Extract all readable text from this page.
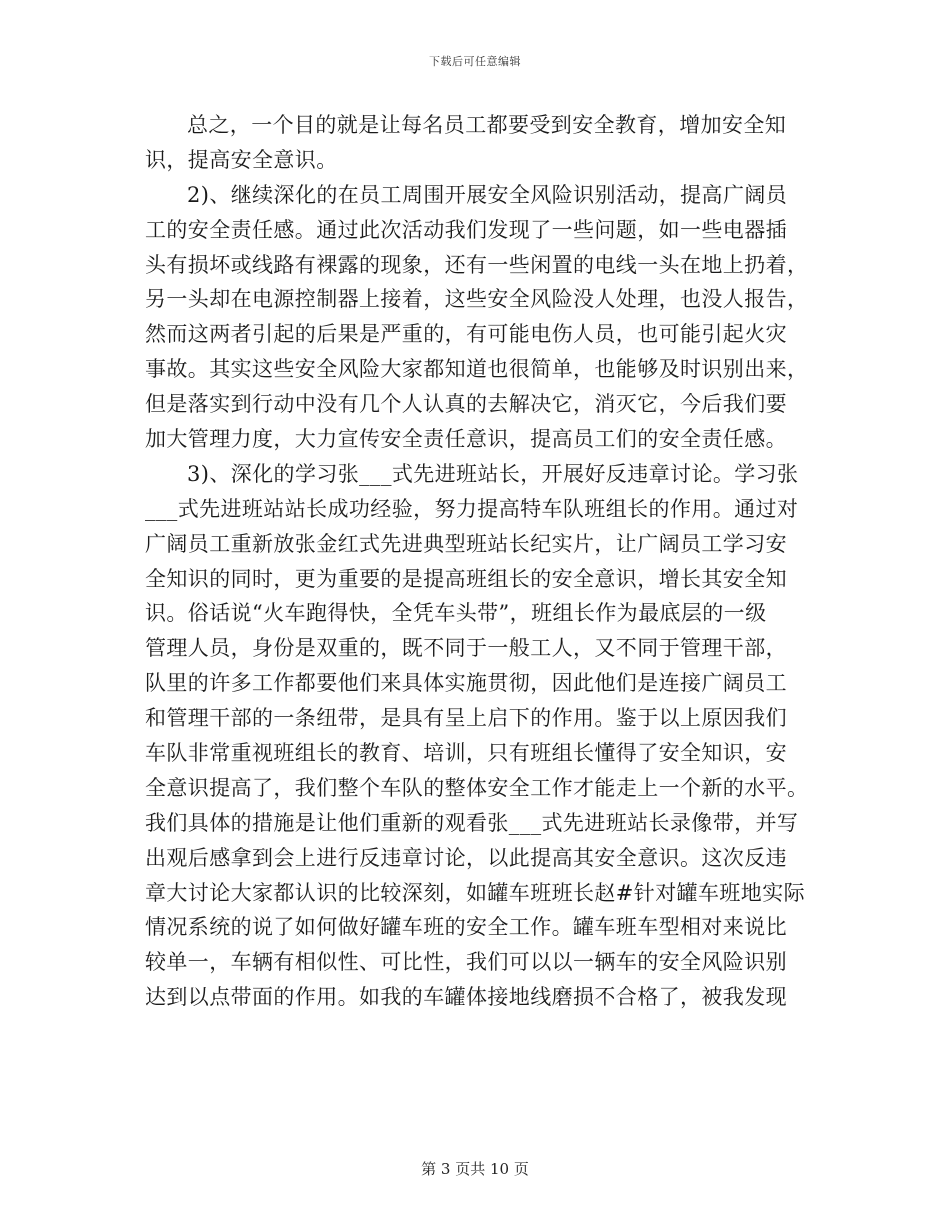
下载后可任意编辑
总之，一个目的就是让每名员工都要受到安全教育，增加安全知
识，提高安全意识。
2)、继续深化的在员工周围开展安全风险识别活动，提高广阔员
工的安全责任感。通过此次活动我们发现了一些问题，如一些电器插
头有损坏或线路有裸露的现象，还有一些闲置的电线一头在地上扔着，
另一头却在电源控制器上接着，这些安全风险没人处理，也没人报告，
然而这两者引起的后果是严重的，有可能电伤人员，也可能引起火灾
事故。其实这些安全风险大家都知道也很简单，也能够及时识别出来，
但是落实到行动中没有几个人认真的去解决它，消灭它，今后我们要
加大管理力度，大力宣传安全责任意识，提高员工们的安全责任感。
3)、深化的学习张___式先进班站长，开展好反违章讨论。学习张
___式先进班站站长成功经验，努力提高特车队班组长的作用。通过对
广阔员工重新放张金红式先进典型班站长纪实片，让广阔员工学习安
全知识的同时，更为重要的是提高班组长的安全意识，增长其安全知
识。俗话说“火车跑得快，全凭车头带”，班组长作为最底层的一级
管理人员，身份是双重的，既不同于一般工人，又不同于管理干部，
队里的许多工作都要他们来具体实施贯彻，因此他们是连接广阔员工
和管理干部的一条纽带，是具有呈上启下的作用。鉴于以上原因我们
车队非常重视班组长的教育、培训，只有班组长懂得了安全知识，安
全意识提高了，我们整个车队的整体安全工作才能走上一个新的水平。
我们具体的措施是让他们重新的观看张___式先进班站长录像带，并写
出观后感拿到会上进行反违章讨论，以此提高其安全意识。这次反违
章大讨论大家都认识的比较深刻，如罐车班班长赵#针对罐车班地实际
情况系统的说了如何做好罐车班的安全工作。罐车班车型相对来说比
较单一，车辆有相似性、可比性，我们可以以一辆车的安全风险识别
达到以点带面的作用。如我的车罐体接地线磨损不合格了，被我发现
第 3 页共 10 页
